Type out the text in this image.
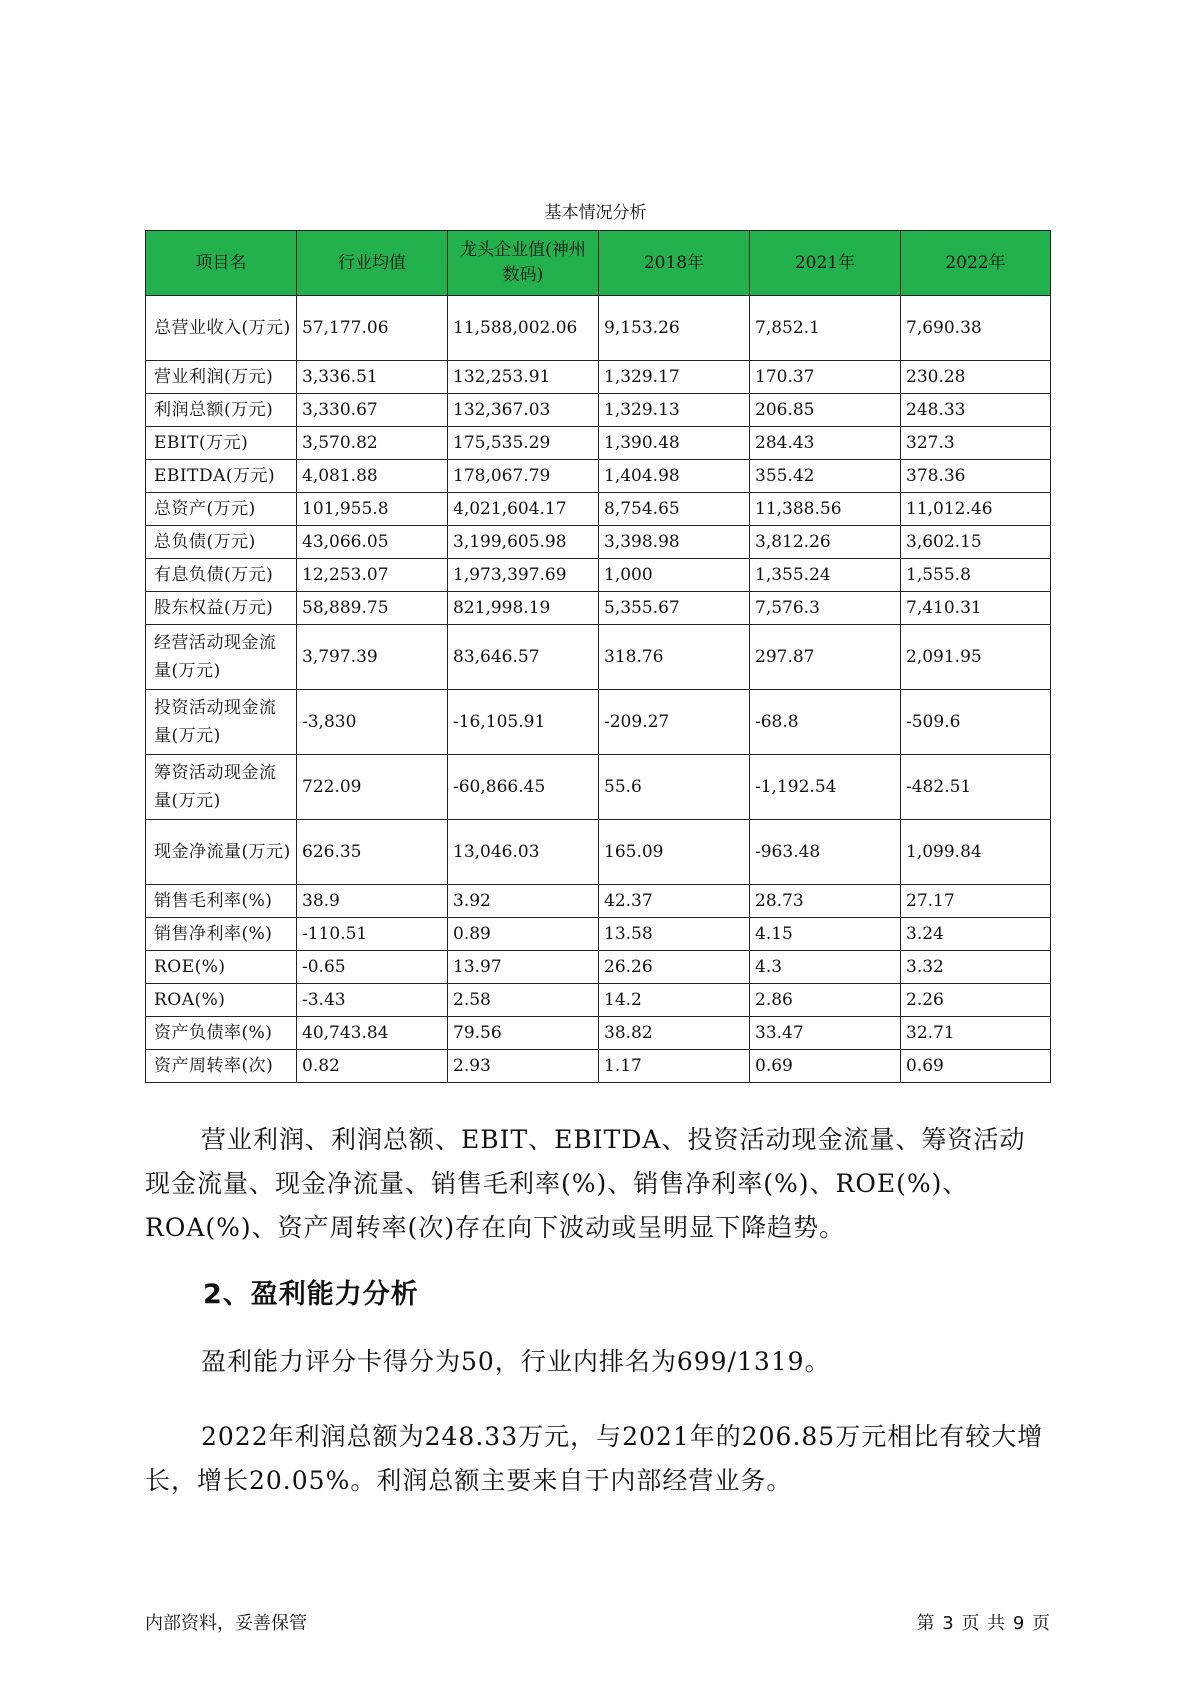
基本情况分析
项目名	行业均值	龙头企业值(神州数码)	2018年	2021年	2022年
总营业收入(万元)	57,177.06	11,588,002.06	9,153.26	7,852.1	7,690.38
营业利润(万元)	3,336.51	132,253.91	1,329.17	170.37	230.28
利润总额(万元)	3,330.67	132,367.03	1,329.13	206.85	248.33
EBIT(万元)	3,570.82	175,535.29	1,390.48	284.43	327.3
EBITDA(万元)	4,081.88	178,067.79	1,404.98	355.42	378.36
总资产(万元)	101,955.8	4,021,604.17	8,754.65	11,388.56	11,012.46
总负债(万元)	43,066.05	3,199,605.98	3,398.98	3,812.26	3,602.15
有息负债(万元)	12,253.07	1,973,397.69	1,000	1,355.24	1,555.8
股东权益(万元)	58,889.75	821,998.19	5,355.67	7,576.3	7,410.31
经营活动现金流量(万元)	3,797.39	83,646.57	318.76	297.87	2,091.95
投资活动现金流量(万元)	-3,830	-16,105.91	-209.27	-68.8	-509.6
筹资活动现金流量(万元)	722.09	-60,866.45	55.6	-1,192.54	-482.51
现金净流量(万元)	626.35	13,046.03	165.09	-963.48	1,099.84
销售毛利率(%)	38.9	3.92	42.37	28.73	27.17
销售净利率(%)	-110.51	0.89	13.58	4.15	3.24
ROE(%)	-0.65	13.97	26.26	4.3	3.32
ROA(%)	-3.43	2.58	14.2	2.86	2.26
资产负债率(%)	40,743.84	79.56	38.82	33.47	32.71
资产周转率(次)	0.82	2.93	1.17	0.69	0.69

营业利润、利润总额、EBIT、EBITDA、投资活动现金流量、筹资活动现金流量、现金净流量、销售毛利率(%)、销售净利率(%)、ROE(%)、ROA(%)、资产周转率(次)存在向下波动或呈明显下降趋势。

2、盈利能力分析

盈利能力评分卡得分为50，行业内排名为699/1319。

2022年利润总额为248.33万元，与2021年的206.85万元相比有较大增长，增长20.05%。利润总额主要来自于内部经营业务。

内部资料，妥善保管	第 3 页 共 9 页
